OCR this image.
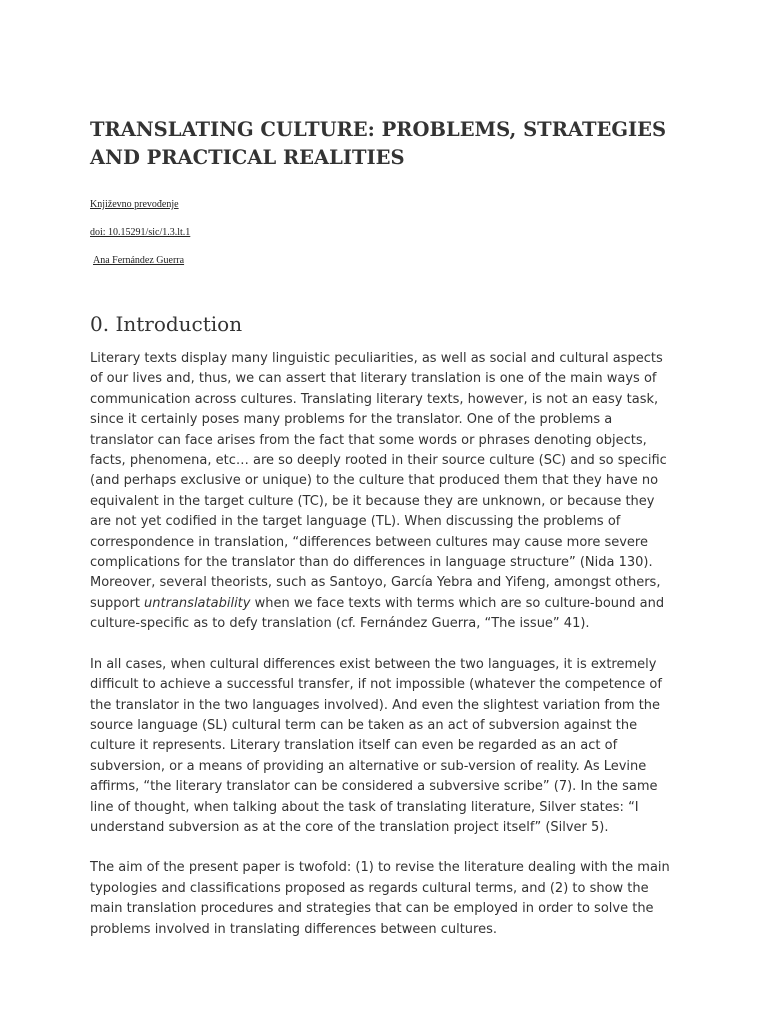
TRANSLATING CULTURE: PROBLEMS, STRATEGIES AND PRACTICAL REALITIES

Književno prevođenje

doi: 10.15291/sic/1.3.lt.1

Ana Fernández Guerra

0. Introduction

Literary texts display many linguistic peculiarities, as well as social and cultural aspects of our lives and, thus, we can assert that literary translation is one of the main ways of communication across cultures. Translating literary texts, however, is not an easy task, since it certainly poses many problems for the translator. One of the problems a translator can face arises from the fact that some words or phrases denoting objects, facts, phenomena, etc… are so deeply rooted in their source culture (SC) and so specific (and perhaps exclusive or unique) to the culture that produced them that they have no equivalent in the target culture (TC), be it because they are unknown, or because they are not yet codified in the target language (TL). When discussing the problems of correspondence in translation, “differences between cultures may cause more severe complications for the translator than do differences in language structure” (Nida 130). Moreover, several theorists, such as Santoyo, García Yebra and Yifeng, amongst others, support untranslatability when we face texts with terms which are so culture-bound and culture-specific as to defy translation (cf. Fernández Guerra, “The issue” 41).

In all cases, when cultural differences exist between the two languages, it is extremely difficult to achieve a successful transfer, if not impossible (whatever the competence of the translator in the two languages involved). And even the slightest variation from the source language (SL) cultural term can be taken as an act of subversion against the culture it represents. Literary translation itself can even be regarded as an act of subversion, or a means of providing an alternative or sub-version of reality. As Levine affirms, “the literary translator can be considered a subversive scribe” (7). In the same line of thought, when talking about the task of translating literature, Silver states: “I understand subversion as at the core of the translation project itself” (Silver 5).

The aim of the present paper is twofold: (1) to revise the literature dealing with the main typologies and classifications proposed as regards cultural terms, and (2) to show the main translation procedures and strategies that can be employed in order to solve the problems involved in translating differences between cultures.
